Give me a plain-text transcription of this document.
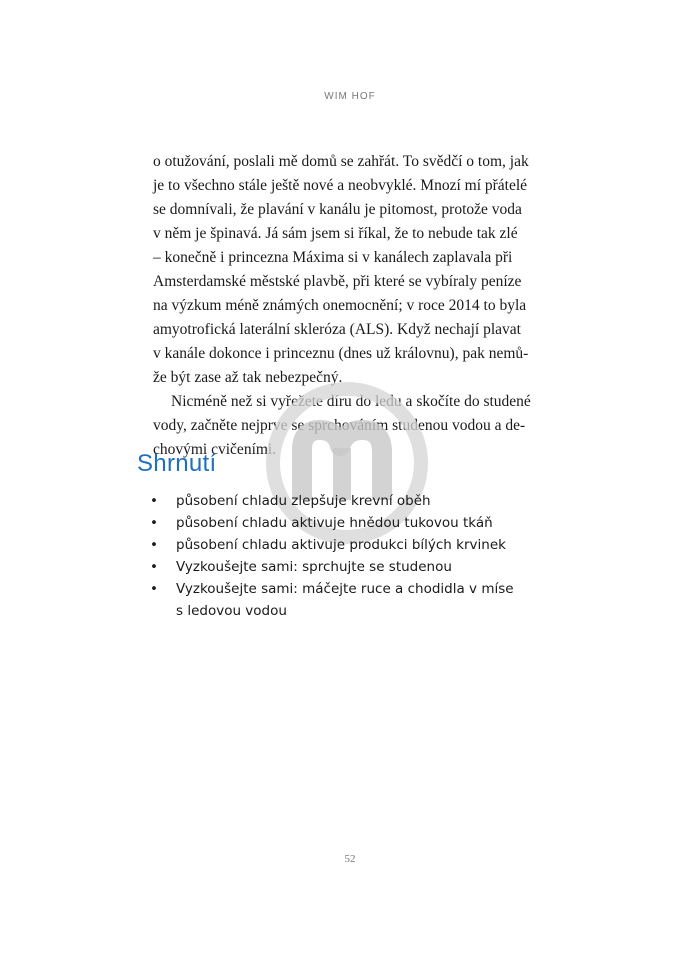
WIM HOF
o otužování, poslali mě domů se zahřát. To svědčí o tom, jak
je to všechno stále ještě nové a neobvyklé. Mnozí mí přátelé
se domnívali, že plavání v kanálu je pitomost, protože voda
v něm je špinavá. Já sám jsem si říkal, že to nebude tak zlé
– konečně i princezna Máxima si v kanálech zaplavala při
Amsterdamské městské plavbě, při které se vybíraly peníze
na výzkum méně známých onemocnění; v roce 2014 to byla
amyotrofická laterální skleróza (ALS). Když nechají plavat
v kanále dokonce i princeznu (dnes už královnu), pak nemů-
že být zase až tak nebezpečný.
Nicméně než si vyřežete díru do ledu a skočíte do studené
vody, začněte nejprve se sprchováním studenou vodou a de-
chovými cvičeními.
Shrnutí
•	působení chladu zlepšuje krevní oběh
•	působení chladu aktivuje hnědou tukovou tkáň
•	působení chladu aktivuje produkci bílých krvinek
•	Vyzkoušejte sami: sprchujte se studenou
•	Vyzkoušejte sami: máčejte ruce a chodidla v míse
s ledovou vodou
52
